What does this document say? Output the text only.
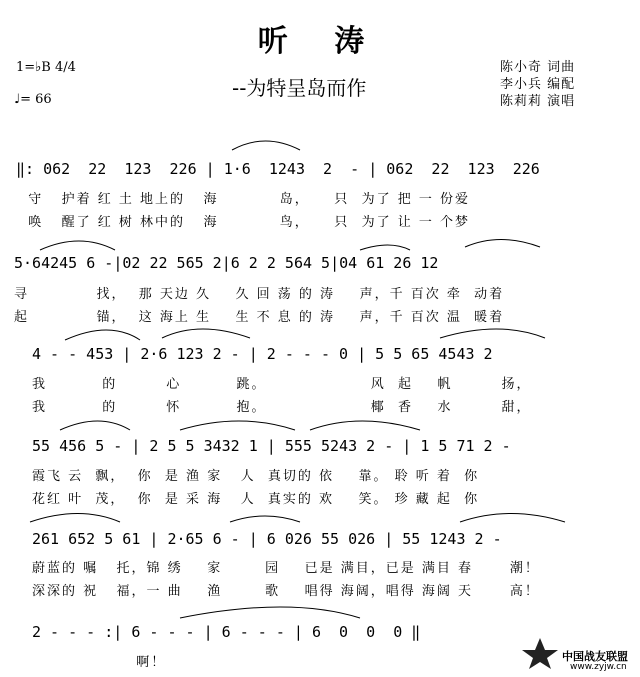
听 涛
--为特呈岛而作
1=♭B 4/4
♩= 66
陈小奇 词曲
李小兵 编配
陈莉莉 演唱
‖: 062  22  123  226 | 1·6  1243  2  - | 062  22  123  226
守   护着 红 土 地上的   海          岛，    只  为了 把 一 份爱
唤   醒了 红 树 林中的   海          鸟，    只  为了 让 一 个梦
5·64245 6 -|02 22 565 2|6 2 2 564 5|04 61 26 12
寻           找，  那 天边 久    久 回 荡 的 涛    声，千 百次 牵  动着
起           锚，  这 海上 生    生 不 息 的 涛    声，千 百次 温  暖着
4 - - 453 | 2·6 123 2 - | 2 - - - 0 | 5 5 65 4543 2
我         的        心         跳。                 风  起    帆        扬，
我         的        怀         抱。                 椰  香    水        甜，
55 456 5 - | 2 5 5 3432 1 | 555 5243 2 - | 1 5 71 2 -
霞飞 云  飘，  你  是 渔 家   人  真切的 依    靠。 聆 听 着  你
花红 叶  茂，  你  是 采 海   人  真实的 欢    笑。 珍 藏 起  你
261 652 5 61 | 2·65 6 - | 6 026 55 026 | 55 1243 2 -
蔚蓝的 嘱   托，锦 绣    家       园    已是 满目，已是 满目 春      潮！
深深的 祝   福，一 曲    渔       歌    唱得 海阔，唱得 海阔 天      高！
2 - - - :| 6 - - - | 6 - - - | 6  0  0  0 ‖
啊！	中国战友联盟
www.zyjw.cn
